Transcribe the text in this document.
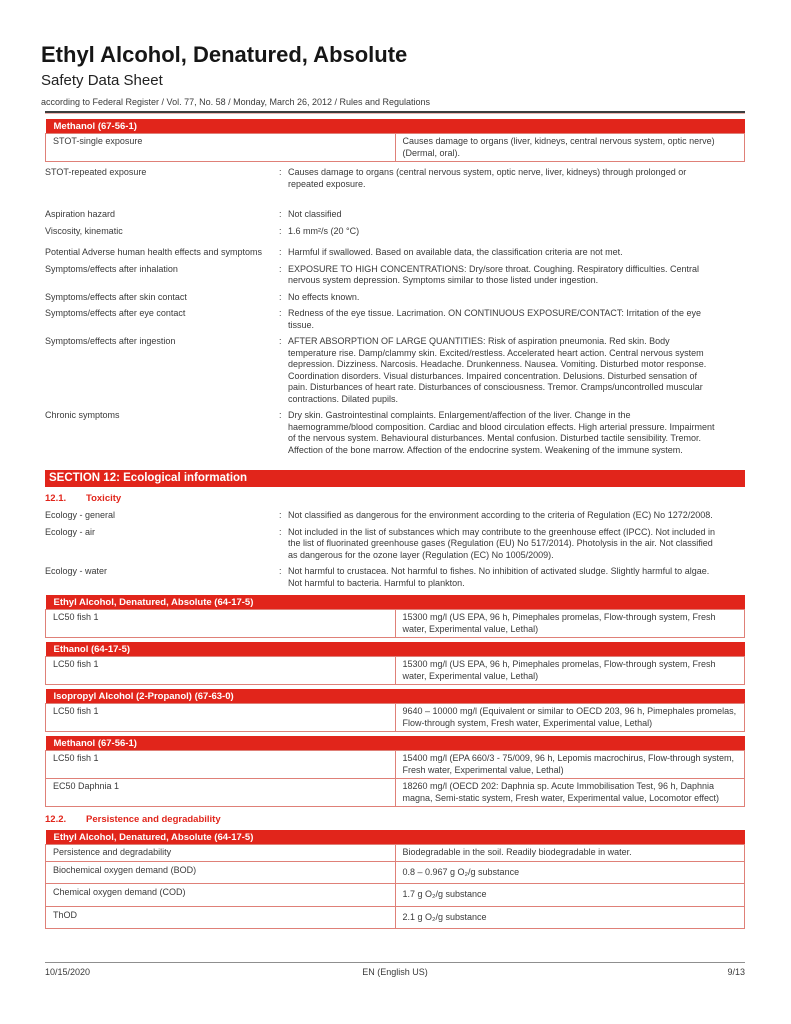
Ethyl Alcohol, Denatured, Absolute
Safety Data Sheet
according to Federal Register / Vol. 77, No. 58 / Monday, March 26, 2012 / Rules and Regulations
Methanol (67-56-1)
STOT-single exposure	Causes damage to organs (liver, kidneys, central nervous system, optic nerve) (Dermal, oral).
STOT-repeated exposure	: Causes damage to organs (central nervous system, optic nerve, liver, kidneys) through prolonged or repeated exposure.
Aspiration hazard	: Not classified
Viscosity, kinematic	: 1.6 mm²/s (20 °C)
Potential Adverse human health effects and symptoms	: Harmful if swallowed. Based on available data, the classification criteria are not met.
Symptoms/effects after inhalation	: EXPOSURE TO HIGH CONCENTRATIONS: Dry/sore throat. Coughing. Respiratory difficulties. Central nervous system depression. Symptoms similar to those listed under ingestion.
Symptoms/effects after skin contact	: No effects known.
Symptoms/effects after eye contact	: Redness of the eye tissue. Lacrimation. ON CONTINUOUS EXPOSURE/CONTACT: Irritation of the eye tissue.
Symptoms/effects after ingestion	: AFTER ABSORPTION OF LARGE QUANTITIES: Risk of aspiration pneumonia. Red skin. Body temperature rise. Damp/clammy skin. Excited/restless. Accelerated heart action. Central nervous system depression. Dizziness. Narcosis. Headache. Drunkenness. Nausea. Vomiting. Disturbed motor response. Coordination disorders. Visual disturbances. Impaired concentration. Delusions. Disturbed sensation of pain. Disturbances of heart rate. Disturbances of consciousness. Tremor. Cramps/uncontrolled muscular contractions. Dilated pupils.
Chronic symptoms	: Dry skin. Gastrointestinal complaints. Enlargement/affection of the liver. Change in the haemogramme/blood composition. Cardiac and blood circulation effects. High arterial pressure. Impairment of the nervous system. Behavioural disturbances. Mental confusion. Disturbed tactile sensibility. Tremor. Affection of the bone marrow. Affection of the endocrine system. Weakening of the immune system.
SECTION 12: Ecological information
12.1.	Toxicity
Ecology - general	: Not classified as dangerous for the environment according to the criteria of Regulation (EC) No 1272/2008.
Ecology - air	: Not included in the list of substances which may contribute to the greenhouse effect (IPCC). Not included in the list of fluorinated greenhouse gases (Regulation (EU) No 517/2014). Photolysis in the air. Not classified as dangerous for the ozone layer (Regulation (EC) No 1005/2009).
Ecology - water	: Not harmful to crustacea. Not harmful to fishes. No inhibition of activated sludge. Slightly harmful to algae. Not harmful to bacteria. Harmful to plankton.
Ethyl Alcohol, Denatured, Absolute (64-17-5)
LC50 fish 1	15300 mg/l (US EPA, 96 h, Pimephales promelas, Flow-through system, Fresh water, Experimental value, Lethal)
Ethanol (64-17-5)
LC50 fish 1	15300 mg/l (US EPA, 96 h, Pimephales promelas, Flow-through system, Fresh water, Experimental value, Lethal)
Isopropyl Alcohol (2-Propanol) (67-63-0)
LC50 fish 1	9640 – 10000 mg/l (Equivalent or similar to OECD 203, 96 h, Pimephales promelas, Flow-through system, Fresh water, Experimental value, Lethal)
Methanol (67-56-1)	
LC50 fish 1	15400 mg/l (EPA 660/3 - 75/009, 96 h, Lepomis macrochirus, Flow-through system, Fresh water, Experimental value, Lethal)
EC50 Daphnia 1	18260 mg/l (OECD 202: Daphnia sp. Acute Immobilisation Test, 96 h, Daphnia magna, Semi-static system, Fresh water, Experimental value, Locomotor effect)
12.2.	Persistence and degradability
Ethyl Alcohol, Denatured, Absolute (64-17-5)	
Persistence and degradability	Biodegradable in the soil. Readily biodegradable in water.
Biochemical oxygen demand (BOD)	0.8 – 0.967 g O₂/g substance
Chemical oxygen demand (COD)	1.7 g O₂/g substance
ThOD	2.1 g O₂/g substance
10/15/2020	EN (English US)	9/13
